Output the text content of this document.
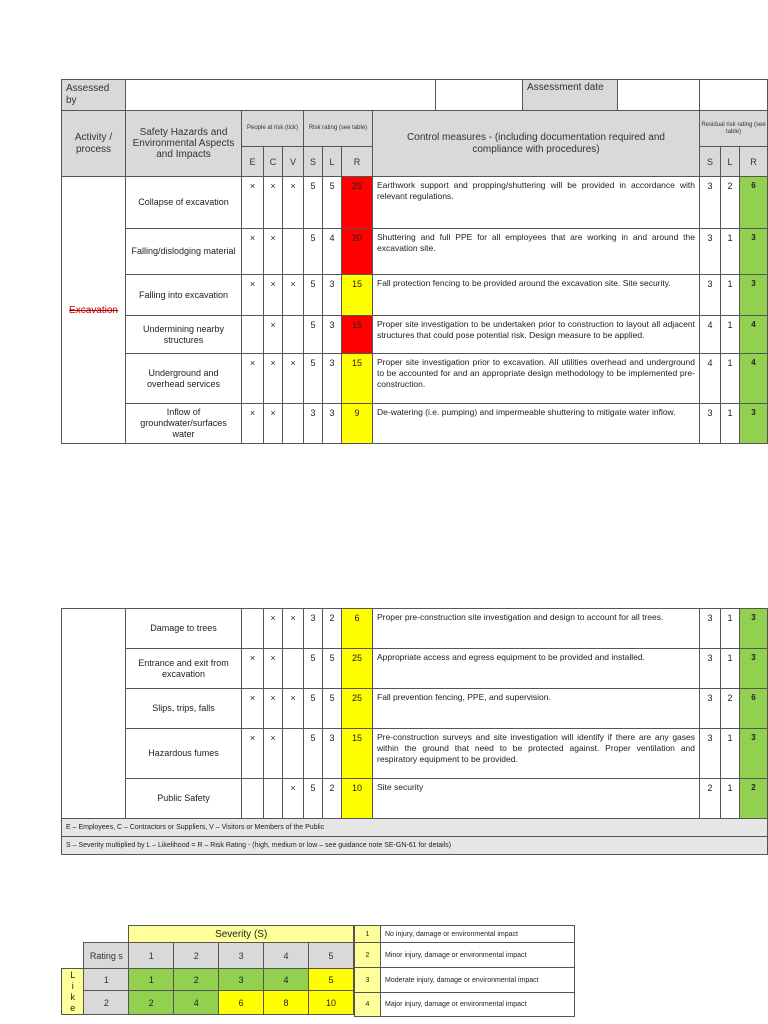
Assessed by									Assessment date			

Activity / process	Safety Hazards and Environmental Aspects and Impacts	People at risk (tick)			Risk rating (see table)			Control measures - (including documentation required and compliance with procedures)		Residual risk rating (see table)		
		E	C	V	S	L	R			S	L	R
Excavation	Collapse of excavation	×	×	×	5	5	25	Earthwork support and propping/shuttering will be provided in accordance with relevant regulations.		3	2	6
	Falling/dislodging material	×	×		5	4	20	Shuttering and full PPE for all employees that are working in and around the excavation site.		3	1	3
	Falling into excavation	×	×	×	5	3	15	Fall protection fencing to be provided around the excavation site. Site security.		3	1	3
	Undermining nearby structures		×		5	3	15	Proper site investigation to be undertaken prior to construction to layout all adjacent structures that could pose potential risk. Design measure to be applied.		4	1	4
	Underground and overhead services	×	×	×	5	3	15	Proper site investigation prior to excavation. All utilities overhead and underground to be accounted for and an appropriate design methodology to be implemented pre-construction.		4	1	4
	Inflow of groundwater/surfaces water	×	×		3	3	9	De-watering (i.e. pumping) and impermeable shuttering to mitigate water inflow.		3	1	3
	Damage to trees		×	×	3	2	6	Proper pre-construction site investigation and design to account for all trees.	3	1	3
	Entrance and exit from excavation	×	×		5	5	25	Appropriate access and egress equipment to be provided and installed.	3	1	3
	Slips, trips, falls	×	×	×	5	5	25	Fall prevention fencing, PPE, and supervision.	3	2	6
	Hazardous fumes	×	×		5	3	15	Pre-construction surveys and site investigation will identify if there are any gases within the ground that need to be protected against. Proper ventilation and respiratory equipment to be provided.	3	1	3
	Public Safety			×	5	2	10	Site security	2	1	2
E – Employees, C – Contractors or Suppliers, V – Visitors or Members of the Public											
S – Severity multiplied by L – Likelihood = R – Risk Rating - (high, medium or low – see guidance note SE-GN-61 for details)											
		Severity (S)				
	Rating s	1	2	3	4	5

L
i
k
e	1	1	2	3	4	5
	2	2	4	6	8	10
1	No injury, damage or environmental impact
2	Minor injury, damage or environmental impact
3	Moderate injury, damage or environmental impact
4	Major injury, damage or environmental impact
